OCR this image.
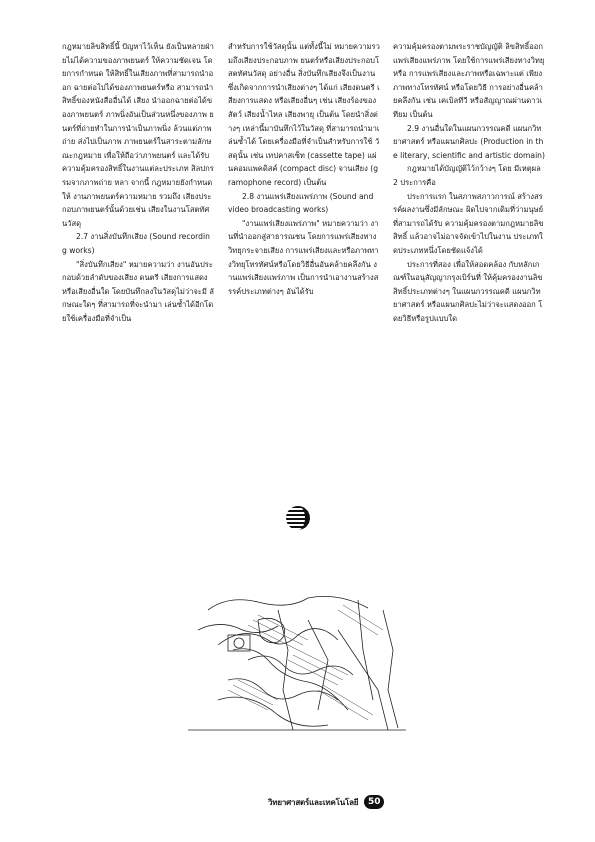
กฎหมายลิขสิทธิ์นี้ ปัญหาไว้เห็น ยังเป็นหลายฝ่ายไม่ได้ความของภาพยนตร์ ให้ความชัดเจน โดยการกำหนด ให้สิทธิ์ในเสียงภาพที่สามารถนำออก ฉายต่อไปได้ของภาพยนตร์หรือ สามารถนำสิทธิ์ของหนังสืออื่นได้ เสียง นำออกฉายต่อได้ของภาพยนตร์ ภาพนิ่งอันเป็นส่วนหนึ่งของภาพ ยนตร์ที่ถ่ายทำในการนำเป็นภาพนิ่ง ล้วนแต่ภาพถ่าย ส่งไปเป็นภาพ ภาพยนตร์ในสาระตามลักษณะกฎหมาย เพื่อให้ถือว่าภาพยนตร์ และได้รับ ความคุ้มครองสิทธิ์ในงานแต่ละประเภท สิลปกรรมจากภาพถ่าย หลา จากนี้ กฎหมายยังกำหนดให้ งานภาพยนตร์ความหมาย รวมถึง เสียงประกอบภาพยนตร์นั้นด้วยเช่น เสียงในงานโสตทัศนวัสดุ

2.7 งานสิ่งบันทึกเสียง (Sound recording works)

"สิ่งบันทึกเสียง" หมายความว่า งานอันประกอบด้วยลำดับของเสียง ดนตรี เสียงการแสดง หรือเสียงอื่นใด โดยบันทึกลงในวัสดุไม่ว่าจะมี ลักษณะใดๆ ที่สามารถที่จะนำมา เล่นซ้ำได้อีกโดยใช้เครื่องมือที่จำเป็น

สำหรับการใช้วัสดุนั้น แต่ทั้งนี้ไม่ หมายความรวมถึงเสียงประกอบภาพ ยนตร์หรือเสียงประกอบโสตทัศนวัสดุ อย่างอื่น สิ่งบันทึกเสียงจึงเป็นงาน ซึ่งเกิดจากการนำเสียงต่างๆ ได้แก่ เสียงดนตรี เสียงการแสดง หรือเสียงอื่นๆ เช่น เสียงร้องของสัตว์ เสียงน้ำไหล เสียงพายุ เป็นต้น โดยนำสิ่งต่างๆ เหล่านี้มาบันทึกไว้ในวัสดุ ที่สามารถนำมาเล่นซ้ำได้ โดยเครื่องมือที่จำเป็นสำหรับการใช้ วัสดุนั้น เช่น เทปคาสเซ็ท (cassette tape) แผ่นคอมแพคดิสค์ (compact disc) จานเสียง (gramophone record) เป็นต้น

2.8 งานแพร่เสียงแพร่ภาพ (Sound and video broadcasting works)

"งานแพร่เสียงแพร่ภาพ" หมายความว่า งานที่นำออกสู่สาธารณชน โดยการแพร่เสียงทางวิทยุกระจายเสียง การแพร่เสียงและหรือภาพทางวิทยุโทรทัศน์หรือโดยวิธีอื่นอันคล้ายคลึงกัน งานแพร่เสียงแพร่ภาพ เป็นการนำเอางานสร้างสรรค์ประเภทต่างๆ อันได้รับ

ความคุ้มครองตามพระราชบัญญัติ ลิขสิทธิ์ออกแพร่เสียงแพร่ภาพ โดยใช้การแพร่เสียงทางวิทยุ หรือ การแพร่เสียงและภาพหรือเฉพาะแต่ เพียงภาพทางโทรทัศน์ หรือโดยวิธี การอย่างอื่นคล้ายคลึงกัน เช่น เคเบิลทีวี หรือสัญญาณผ่านดาวเทียม เป็นต้น

2.9 งานอื่นใดในแผนกวรรณคดี แผนกวิทยาศาสตร์ หรือแผนกศิลปะ (Production in the literary, scientific and artistic domain)

กฎหมายได้บัญญัติไว้กว้างๆ โดย มีเหตุผล 2 ประการคือ

ประการแรก ในสภาพสภาวการณ์ สร้างสรรค์ผลงานซึ่งมีลักษณะ ผิดไปจากเดิมที่ว่ามนุษย์ที่สามารถได้รับ ความคุ้มครองตามกฎหมายลิขสิทธิ์ แล้วอาจไม่อาจจัดเข้าไปในงาน ประเภทใดประเภทหนึ่งโดยชัดแจ้งได้

ประการที่สอง เพื่อให้สอดคล้อง กับหลักเกณฑ์ในอนุสัญญากรุงเบิร์นที่ ให้คุ้มครองงานลิขสิทธิ์ประเภทต่างๆ ในแผนกวรรณคดี แผนกวิทยาศาสตร์ หรือแผนกศิลปะไม่ว่าจะแสดงออก โดยวิธีหรือรูปแบบใด

วิทยาศาสตร์และเทคโนโลยี	50
